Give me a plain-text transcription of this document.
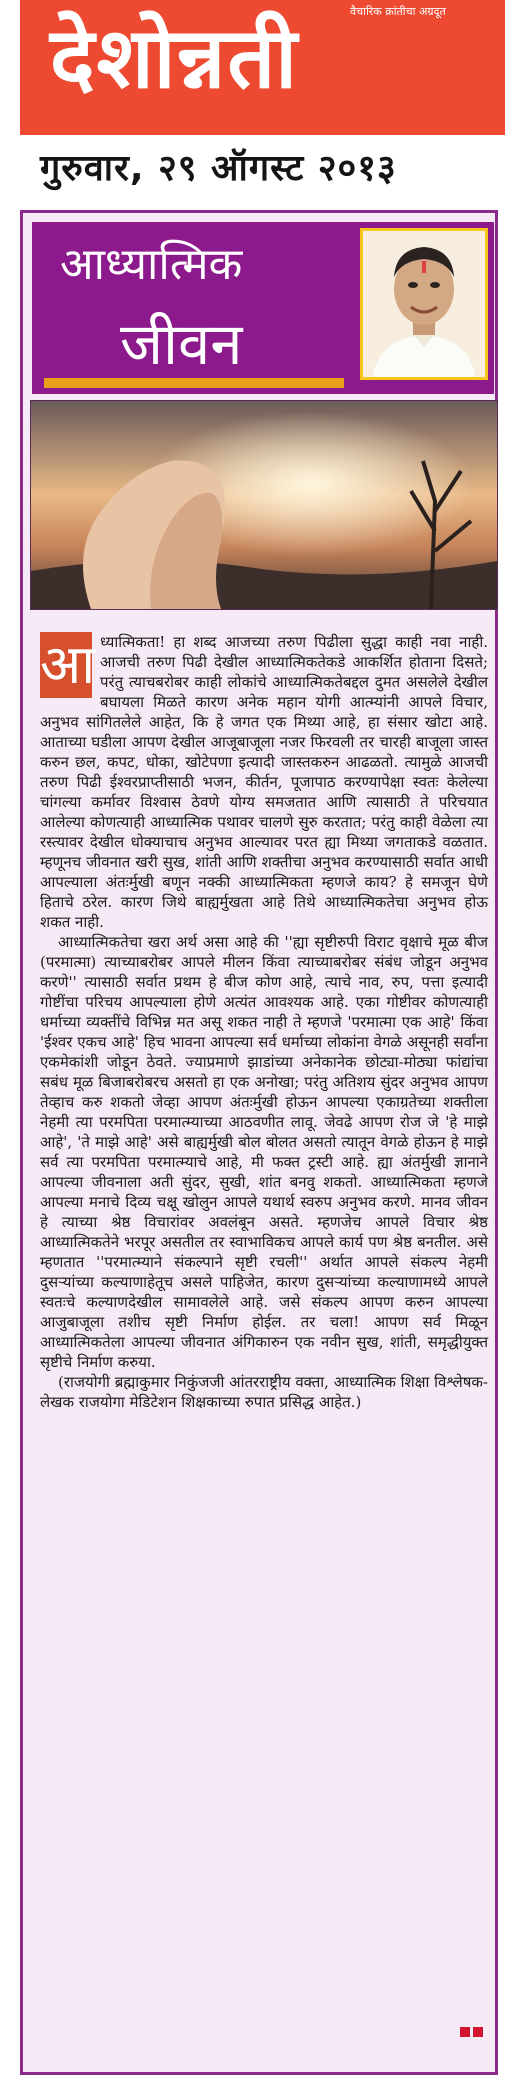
वैचारिक क्रांतीचा अग्रदूत
देशोन्नती
गुरुवार, २९ ऑगस्ट २०१३
आध्यात्मिक
जीवन
आ ध्यात्मिकता! हा शब्द आजच्या तरुण पिढीला सुद्धा काही नवा नाही. आजची तरुण पिढी देखील आध्यात्मिकतेकडे आकर्शित होताना दिसते; परंतु त्याचबरोबर काही लोकांचे आध्यात्मिकतेबद्दल दुमत असलेले देखील बघायला मिळते कारण अनेक महान योगी आत्म्यांनी आपले विचार, अनुभव सांगितलेले आहेत, कि हे जगत एक मिथ्या आहे, हा संसार खोटा आहे. आताच्या घडीला आपण देखील आजूबाजूला नजर फिरवली तर चारही बाजूला जास्त करुन छल, कपट, धोका, खोटेपणा इत्यादी जास्तकरुन आढळतो. त्यामुळे आजची तरुण पिढी ईश्वरप्राप्तीसाठी भजन, कीर्तन, पूजापाठ करण्यापेक्षा स्वतः केलेल्या चांगल्या कर्मावर विश्वास ठेवणे योग्य समजतात आणि त्यासाठी ते परिचयात आलेल्या कोणत्याही आध्यात्मिक पथावर चालणे सुरु करतात; परंतु काही वेळेला त्या रस्त्यावर देखील धोक्याचाच अनुभव आल्यावर परत ह्या मिथ्या जगताकडे वळतात. म्हणूनच जीवनात खरी सुख, शांती आणि शक्तीचा अनुभव करण्यासाठी सर्वात आधी आपल्याला अंतःर्मुखी बणून नक्की आध्यात्मिकता म्हणजे काय? हे समजून घेणे हिताचे ठरेल. कारण जिथे बाह्यर्मुखता आहे तिथे आध्यात्मिकतेचा अनुभव होऊ शकत नाही.

आध्यात्मिकतेचा खरा अर्थ असा आहे की ''ह्या सृष्टीरुपी विराट वृक्षाचे मूळ बीज (परमात्मा) त्याच्याबरोबर आपले मीलन किंवा त्याच्याबरोबर संबंध जोडून अनुभव करणे'' त्यासाठी सर्वात प्रथम हे बीज कोण आहे, त्याचे नाव, रुप, पत्ता इत्यादी गोष्टींचा परिचय आपल्याला होणे अत्यंत आवश्यक आहे. एका गोष्टीवर कोणत्याही धर्माच्या व्यक्तींचे विभिन्न मत असू शकत नाही ते म्हणजे 'परमात्मा एक आहे' किंवा 'ईश्वर एकच आहे' हिच भावना आपल्या सर्व धर्माच्या लोकांना वेगळे असूनही सर्वांना एकमेकांशी जोडून ठेवते. ज्याप्रमाणे झाडांच्या अनेकानेक छोट्या-मोठ्या फांद्यांचा सबंध मूळ बिजाबरोबरच असतो हा एक अनोखा; परंतु अतिशय सुंदर अनुभव आपण तेव्हाच करु शकतो जेव्हा आपण अंतःर्मुखी होऊन आपल्या एकाग्रतेच्या शक्तीला नेहमी त्या परमपिता परमात्म्याच्या आठवणीत लावू. जेवढे आपण रोज जे 'हे माझे आहे', 'ते माझे आहे' असे बाह्यर्मुखी बोल बोलत असतो त्यातून वेगळे होऊन हे माझे सर्व त्या परमपिता परमात्म्याचे आहे, मी फक्त ट्रस्टी आहे. ह्या अंतर्मुखी ज्ञानाने आपल्या जीवनाला अती सुंदर, सुखी, शांत बनवु शकतो. आध्यात्मिकता म्हणजे आपल्या मनाचे दिव्य चक्षू खोलुन आपले यथार्थ स्वरुप अनुभव करणे. मानव जीवन हे त्याच्या श्रेष्ठ विचारांवर अवलंबून असते. म्हणजेच आपले विचार श्रेष्ठ आध्यात्मिकतेने भरपूर असतील तर स्वाभाविकच आपले कार्य पण श्रेष्ठ बनतील. असे म्हणतात ''परमात्म्याने संकल्पाने सृष्टी रचली'' अर्थात आपले संकल्प नेहमी दुसऱ्यांच्या कल्याणाहेतूच असले पाहिजेत, कारण दुसऱ्यांच्या कल्याणामध्ये आपले स्वतःचे कल्याणदेखील सामावलेले आहे. जसे संकल्प आपण करुन आपल्या आजुबाजूला तशीच सृष्टी निर्माण होईल. तर चला! आपण सर्व मिळून आध्यात्मिकतेला आपल्या जीवनात अंगिकारुन एक नवीन सुख, शांती, समृद्धीयुक्त सृष्टीचे निर्माण करुया.

(राजयोगी ब्रह्माकुमार निकुंजजी आंतरराष्ट्रीय वक्ता, आध्यात्मिक शिक्षा विश्लेषक-लेखक राजयोगा मेडिटेशन शिक्षकाच्या रुपात प्रसिद्ध आहेत.)
